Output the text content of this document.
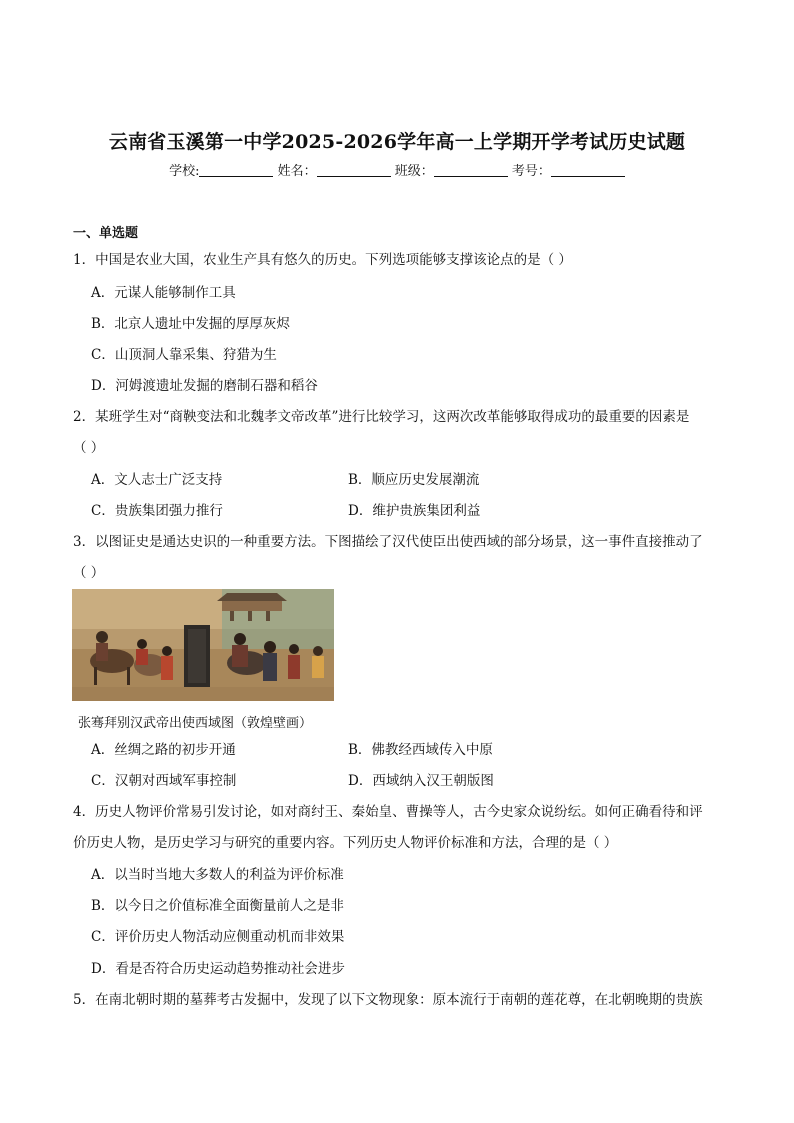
云南省玉溪第一中学2025-2026学年高一上学期开学考试历史试题
学校:	姓名：	班级：	考号：
一、单选题
1．中国是农业大国，农业生产具有悠久的历史。下列选项能够支撑该论点的是（ ）
A．元谋人能够制作工具
B．北京人遗址中发掘的厚厚灰烬
C．山顶洞人靠采集、狩猎为生
D．河姆渡遗址发掘的磨制石器和稻谷
2．某班学生对“商鞅变法和北魏孝文帝改革”进行比较学习，这两次改革能够取得成功的最重要的因素是
（ ）
A．文人志士广泛支持	B．顺应历史发展潮流
C．贵族集团强力推行	D．维护贵族集团利益
3．以图证史是通达史识的一种重要方法。下图描绘了汉代使臣出使西域的部分场景，这一事件直接推动了
（ ）
张骞拜别汉武帝出使西域图（敦煌壁画）
A．丝绸之路的初步开通	B．佛教经西域传入中原
C．汉朝对西域军事控制	D．西域纳入汉王朝版图
4．历史人物评价常易引发讨论，如对商纣王、秦始皇、曹操等人，古今史家众说纷纭。如何正确看待和评
价历史人物，是历史学习与研究的重要内容。下列历史人物评价标准和方法，合理的是（ ）
A．以当时当地大多数人的利益为评价标准
B．以今日之价值标准全面衡量前人之是非
C．评价历史人物活动应侧重动机而非效果
D．看是否符合历史运动趋势推动社会进步
5．在南北朝时期的墓葬考古发掘中，发现了以下文物现象：原本流行于南朝的莲花尊，在北朝晚期的贵族
